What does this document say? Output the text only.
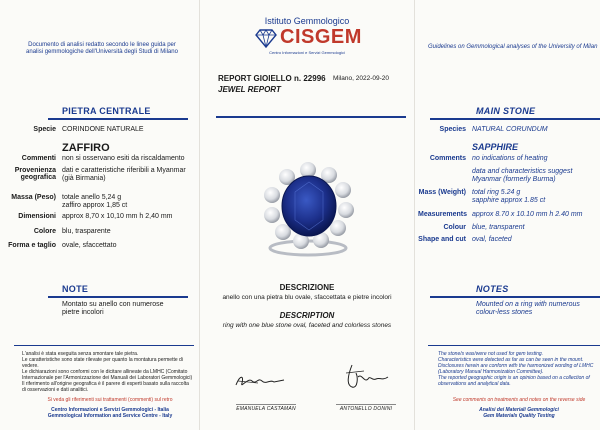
Documento di analisi redatto secondo le linee guida per analisi gemmologiche dell'Università degli Studi di Milano
PIETRA CENTRALE
Specie CORINDONE NATURALE
ZAFFIRO
Commenti non si osservano esiti da riscaldamento
Provenienza geografica
dati e caratteristiche riferibili a Myanmar (già Birmania)
Massa (Peso) totale anello 5,24 g
zaffiro approx 1,85 ct
Dimensioni approx 8,70 x 10,10 mm h 2,40 mm
Colore blu, trasparente
Forma e taglio ovale, sfaccettato
NOTE
Montato su anello con numerose pietre incolori
L'analisi è stata eseguita senza smontare tale pietra.
Le caratteristiche sono state rilevate per quanto la montatura permette di vedere.
Le dichiarazioni sono conformi con le dicitare allineate da LMHC (Comitato Internazionale per l'Armonizzazione dei Manuali dei Laboratori Gemmologici)
Il riferimento all'origine geografica è il parere di esperti basato sulla raccolta di osservazioni e dati analitici.
Si veda gli riferimenti sui trattamenti (commenti) sul retro
Centro Informazioni e Servizi Gemmologici - Italia
Gemmological Information and Service Centre - Italy
Istituto Gemmologico
CISGEM
Centro Informazioni e Servizi Gemmologici
REPORT GIOIELLO n. 22996 Milano, 2022-09-20
JEWEL REPORT
DESCRIZIONE
anello con una pietra blu ovale, sfaccettata e pietre incolori
DESCRIPTION
ring with one blue stone oval, faceted and colorless stones
EMANUELA CASTAMAN	ANTONELLO DONINI
Guidelines on Gemmological analyses of the University of Milan
MAIN STONE
Species NATURAL CORUNDUM
SAPPHIRE
Comments no indications of heating
data and characteristics suggest Myanmar (formerly Burma)
Mass (Weight) total ring 5.24 g
sapphire approx 1.85 ct
Measurements approx 8.70 x 10.10 mm h 2.40 mm
Colour blue, transparent
Shape and cut oval, faceted
NOTES
Mounted on a ring with numerous colour-less stones
The stone/s was/were not used for gem testing.
Characteristics were detected as far as can be seen in the mount.
Disclosures herein are conform with the harmonized wording of LMHC (Laboratory Manual Harmonization Committee).
The reported geographic origin is an opinion based on a collection of observations and analytical data.
See comments on treatments and notes on the reverse side
Analisi dei Materiali Gemmologici
Gem Materials Quality Testing
